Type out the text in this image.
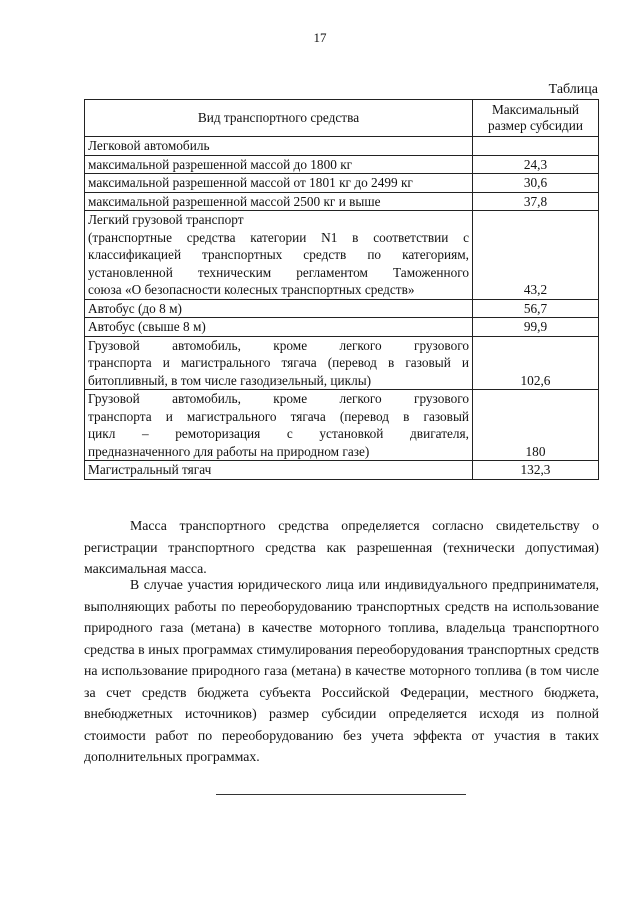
17
Таблица
Вид транспортного средства	Максимальный
размер субсидии

Легковой автомобиль	

максимальной разрешенной массой до 1800 кг	24,3

максимальной разрешенной массой от 1801 кг до 2499 кг	30,6

максимальной разрешенной массой 2500 кг и выше	37,8

Легкий грузовой транспорт
(транспортные средства категории N1 в соответствии с
классификацией транспортных средств по категориям,
установленной техническим регламентом Таможенного
союза «О безопасности колесных транспортных средств»	43,2

Автобус (до 8 м)	56,7

Автобус (свыше 8 м)	99,9

Грузовой автомобиль, кроме легкого грузового
транспорта и магистрального тягача (перевод в газовый и
битопливный, в том числе газодизельный, циклы)	102,6

Грузовой автомобиль, кроме легкого грузового
транспорта и магистрального тягача (перевод в газовый
цикл – ремоторизация с установкой двигателя,
предназначенного для работы на природном газе)	180

Магистральный тягач	132,3

Масса транспортного средства определяется согласно свидетельству о регистрации транспортного средства как разрешенная (технически допустимая) максимальная масса.

В случае участия юридического лица или индивидуального предпринимателя, выполняющих работы по переоборудованию транспортных средств на использование природного газа (метана) в качестве моторного топлива, владельца транспортного средства в иных программах стимулирования переоборудования транспортных средств на использование природного газа (метана) в качестве моторного топлива (в том числе за счет средств бюджета субъекта Российской Федерации, местного бюджета, внебюджетных источников) размер субсидии определяется исходя из полной стоимости работ по переоборудованию без учета эффекта от участия в таких дополнительных программах.
